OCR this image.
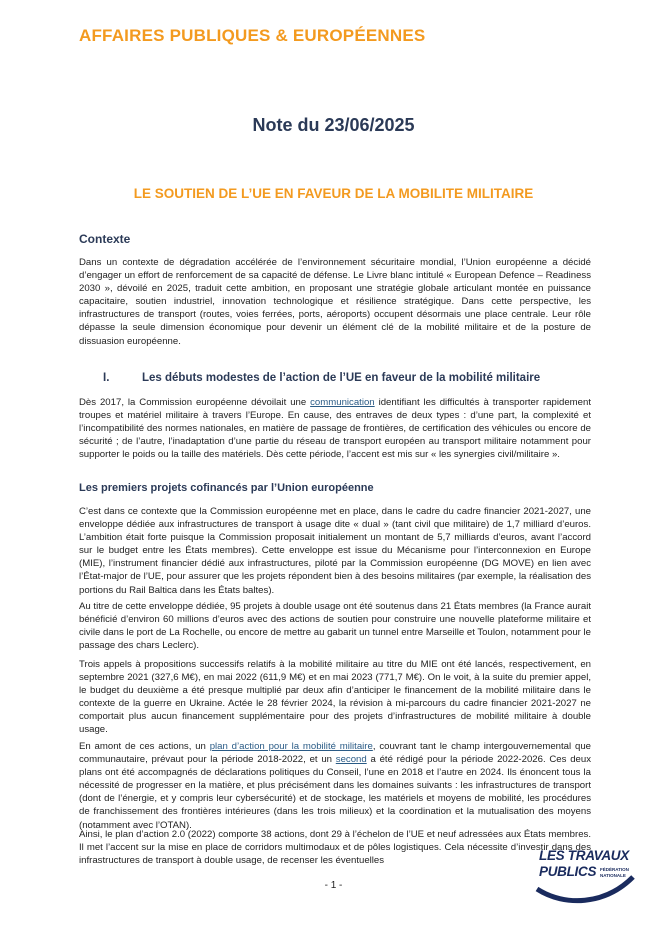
AFFAIRES PUBLIQUES & EUROPÉENNES
Note du 23/06/2025
LE SOUTIEN DE L’UE EN FAVEUR DE LA MOBILITE MILITAIRE
Contexte
Dans un contexte de dégradation accélérée de l’environnement sécuritaire mondial, l’Union européenne a décidé d’engager un effort de renforcement de sa capacité de défense. Le Livre blanc intitulé « European Defence – Readiness 2030 », dévoilé en 2025, traduit cette ambition, en proposant une stratégie globale articulant montée en puissance capacitaire, soutien industriel, innovation technologique et résilience stratégique. Dans cette perspective, les infrastructures de transport (routes, voies ferrées, ports, aéroports) occupent désormais une place centrale. Leur rôle dépasse la seule dimension économique pour devenir un élément clé de la mobilité militaire et de la posture de dissuasion européenne.
I.	Les débuts modestes de l’action de l’UE en faveur de la mobilité militaire
Dès 2017, la Commission européenne dévoilait une communication identifiant les difficultés à transporter rapidement troupes et matériel militaire à travers l’Europe. En cause, des entraves de deux types : d’une part, la complexité et l’incompatibilité des normes nationales, en matière de passage de frontières, de certification des véhicules ou encore de sécurité ; de l’autre, l’inadaptation d’une partie du réseau de transport européen au transport militaire notamment pour supporter le poids ou la taille des matériels. Dès cette période, l’accent est mis sur « les synergies civil/militaire ».
Les premiers projets cofinancés par l’Union européenne
C’est dans ce contexte que la Commission européenne met en place, dans le cadre du cadre financier 2021-2027, une enveloppe dédiée aux infrastructures de transport à usage dite « dual » (tant civil que militaire) de 1,7 milliard d’euros. L’ambition était forte puisque la Commission proposait initialement un montant de 5,7 milliards d’euros, avant l’accord sur le budget entre les États membres). Cette enveloppe est issue du Mécanisme pour l’interconnexion en Europe (MIE), l’instrument financier dédié aux infrastructures, piloté par la Commission européenne (DG MOVE) en lien avec l’État-major de l’UE, pour assurer que les projets répondent bien à des besoins militaires (par exemple, la réalisation des portions du Rail Baltica dans les États baltes).
Au titre de cette enveloppe dédiée, 95 projets à double usage ont été soutenus dans 21 États membres (la France aurait bénéficié d’environ 60 millions d’euros avec des actions de soutien pour construire une nouvelle plateforme militaire et civile dans le port de La Rochelle, ou encore de mettre au gabarit un tunnel entre Marseille et Toulon, notamment pour le passage des chars Leclerc).
Trois appels à propositions successifs relatifs à la mobilité militaire au titre du MIE ont été lancés, respectivement, en septembre 2021 (327,6 M€), en mai 2022 (611,9 M€) et en mai 2023 (771,7 M€). On le voit, à la suite du premier appel, le budget du deuxième a été presque multiplié par deux afin d’anticiper le financement de la mobilité militaire dans le contexte de la guerre en Ukraine. Actée le 28 février 2024, la révision à mi-parcours du cadre financier 2021-2027 ne comportait plus aucun financement supplémentaire pour des projets d’infrastructures de mobilité militaire à double usage.
En amont de ces actions, un plan d’action pour la mobilité militaire, couvrant tant le champ intergouvernemental que communautaire, prévaut pour la période 2018-2022, et un second a été rédigé pour la période 2022-2026. Ces deux plans ont été accompagnés de déclarations politiques du Conseil, l’une en 2018 et l’autre en 2024. Ils énoncent tous la nécessité de progresser en la matière, et plus précisément dans les domaines suivants : les infrastructures de transport (dont de l’énergie, et y compris leur cybersécurité) et de stockage, les matériels et moyens de mobilité, les procédures de franchissement des frontières intérieures (dans les trois milieux) et la coordination et la mutualisation des moyens (notamment avec l’OTAN).
Ainsi, le plan d’action 2.0 (2022) comporte 38 actions, dont 29 à l’échelon de l’UE et neuf adressées aux États membres. Il met l’accent sur la mise en place de corridors multimodaux et de pôles logistiques. Cela nécessite d’investir dans des infrastructures de transport à double usage, de recenser les éventuelles
- 1 -
LES TRAVAUX
PUBLICS FÉDÉRATION
NATIONALE
